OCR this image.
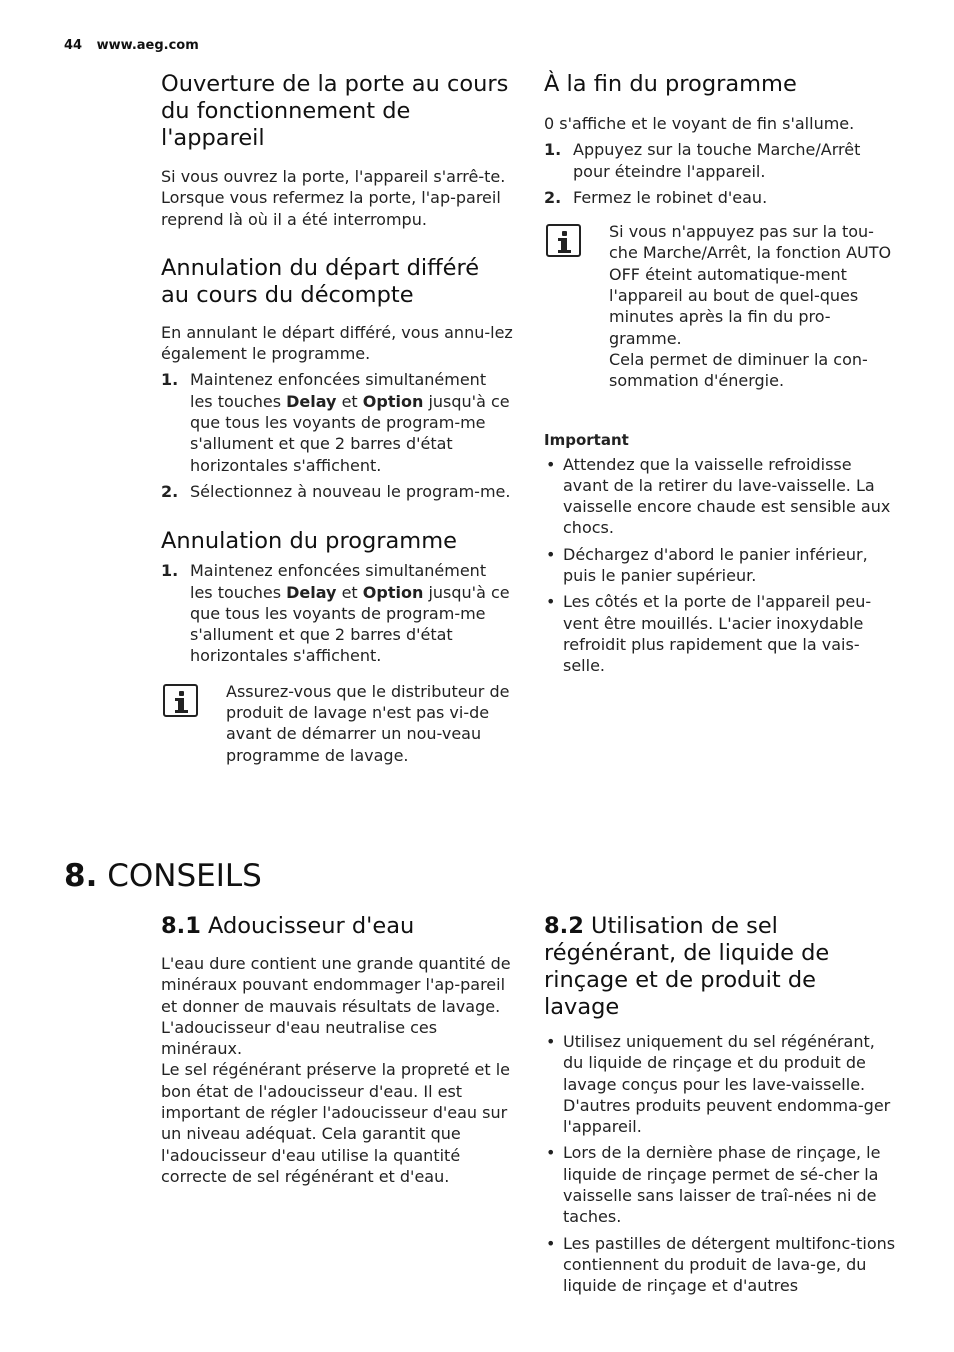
44 www.aeg.com
Ouverture de la porte au cours du fonctionnement de l'appareil

Si vous ouvrez la porte, l'appareil s'arrê-te. Lorsque vous refermez la porte, l'ap-pareil reprend là où il a été interrompu.

Annulation du départ différé au cours du décompte

En annulant le départ différé, vous annu-lez également le programme.

1. Maintenez enfoncées simultanément les touches Delay et Option jusqu'à ce que tous les voyants de program-me s'allument et que 2 barres d'état horizontales s'affichent.
2. Sélectionnez à nouveau le program-me.
Annulation du programme
1. Maintenez enfoncées simultanément les touches Delay et Option jusqu'à ce que tous les voyants de program-me s'allument et que 2 barres d'état horizontales s'affichent.

Assurez-vous que le distributeur de produit de lavage n'est pas vi-de avant de démarrer un nou-veau programme de lavage.

À la fin du programme

0 s'affiche et le voyant de fin s'allume.

1. Appuyez sur la touche Marche/Arrêt pour éteindre l'appareil.
2. Fermez le robinet d'eau.

Si vous n'appuyez pas sur la tou-che Marche/Arrêt, la fonction AUTO OFF éteint automatique-ment l'appareil au bout de quel-ques minutes après la fin du pro-gramme.

Cela permet de diminuer la con-sommation d'énergie.

Important
• Attendez que la vaisselle refroidisse avant de la retirer du lave-vaisselle. La vaisselle encore chaude est sensible aux chocs.
• Déchargez d'abord le panier inférieur, puis le panier supérieur.
• Les côtés et la porte de l'appareil peu-vent être mouillés. L'acier inoxydable refroidit plus rapidement que la vais-selle.
8. CONSEILS
8.1 Adoucisseur d'eau

L'eau dure contient une grande quantité de minéraux pouvant endommager l'ap-pareil et donner de mauvais résultats de lavage. L'adoucisseur d'eau neutralise ces minéraux.

Le sel régénérant préserve la propreté et le bon état de l'adoucisseur d'eau. Il est important de régler l'adoucisseur d'eau sur un niveau adéquat. Cela garantit que l'adoucisseur d'eau utilise la quantité correcte de sel régénérant et d'eau.

8.2 Utilisation de sel régénérant, de liquide de rinçage et de produit de lavage
• Utilisez uniquement du sel régénérant, du liquide de rinçage et du produit de lavage conçus pour les lave-vaisselle. D'autres produits peuvent endomma-ger l'appareil.
• Lors de la dernière phase de rinçage, le liquide de rinçage permet de sé-cher la vaisselle sans laisser de traî-nées ni de taches.
• Les pastilles de détergent multifonc-tions contiennent du produit de lava-ge, du liquide de rinçage et d'autres
